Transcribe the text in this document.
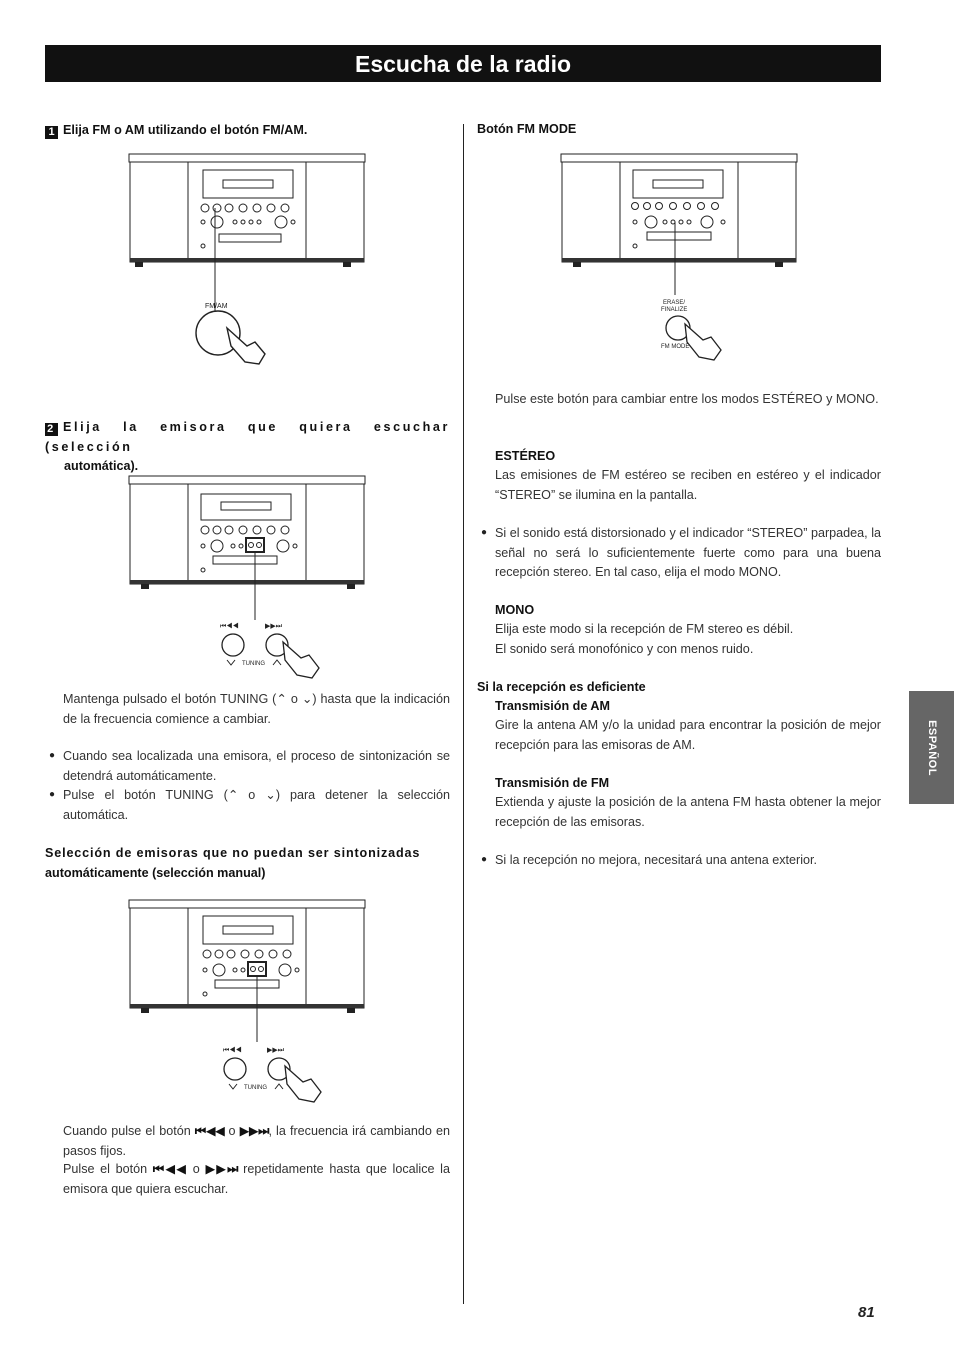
Escucha de la radio
ESPAÑOL
81
1 Elija FM o AM utilizando el botón FM/AM.
FM/AM
2 Elija la emisora que quiera escuchar (selección
automática).
⏮◀◀	▶▶⏭
TUNING
Mantenga pulsado el botón TUNING (⌃ o ⌄) hasta que la indicación de la frecuencia comience a cambiar.
● Cuando sea localizada una emisora, el proceso de sintonización se detendrá automáticamente.
● Pulse el botón TUNING (⌃ o ⌄) para detener la selección automática.
Selección de emisoras que no puedan ser sintonizadas
automáticamente (selección manual)
⏮◀◀	▶▶⏭
TUNING
Cuando pulse el botón ⏮◀◀ o ▶▶⏭, la frecuencia irá cambiando en pasos fijos.
Pulse el botón ⏮◀◀ o ▶▶⏭ repetidamente hasta que localice la emisora que quiera escuchar.
Botón FM MODE
ERASE/
FINALIZE
FM MODE
Pulse este botón para cambiar entre los modos ESTÉREO y MONO.
ESTÉREO
Las emisiones de FM estéreo se reciben en estéreo y el indicador “STEREO” se ilumina en la pantalla.
● Si el sonido está distorsionado y el indicador “STEREO” parpadea, la señal no será lo suficientemente fuerte como para una buena recepción stereo. En tal caso, elija el modo MONO.
MONO
Elija este modo si la recepción de FM stereo es débil.
El sonido será monofónico y con menos ruido.
Si la recepción es deficiente
Transmisión de AM
Gire la antena AM y/o la unidad para encontrar la posición de mejor recepción para las emisoras de AM.
Transmisión de FM
Extienda y ajuste la posición de la antena FM hasta obtener la mejor recepción de las emisoras.
● Si la recepción no mejora, necesitará una antena exterior.
